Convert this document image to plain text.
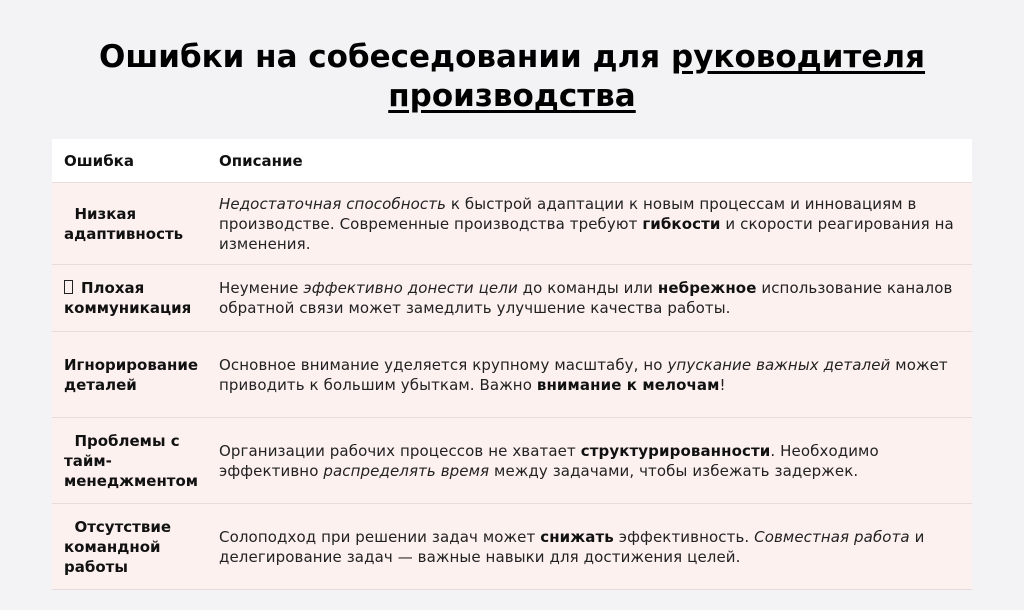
Ошибки на собеседовании для руководителя
производства
Ошибка	Описание
Низкая адаптивность
Недостаточная способность к быстрой адаптации к новым процессам и инновациям в производстве. Современные производства требуют гибкости и скорости реагирования на изменения.
Плохая коммуникация
Неумение эффективно донести цели до команды или небрежное использование каналов обратной связи может замедлить улучшение качества работы.
Игнорирование деталей
Основное внимание уделяется крупному масштабу, но упускание важных деталей может приводить к большим убыткам. Важно внимание к мелочам!
Проблемы с тайм-менеджментом
Организации рабочих процессов не хватает структурированности. Необходимо эффективно распределять время между задачами, чтобы избежать задержек.
Отсутствие командной работы
Солоподход при решении задач может снижать эффективность. Совместная работа и делегирование задач — важные навыки для достижения целей.
